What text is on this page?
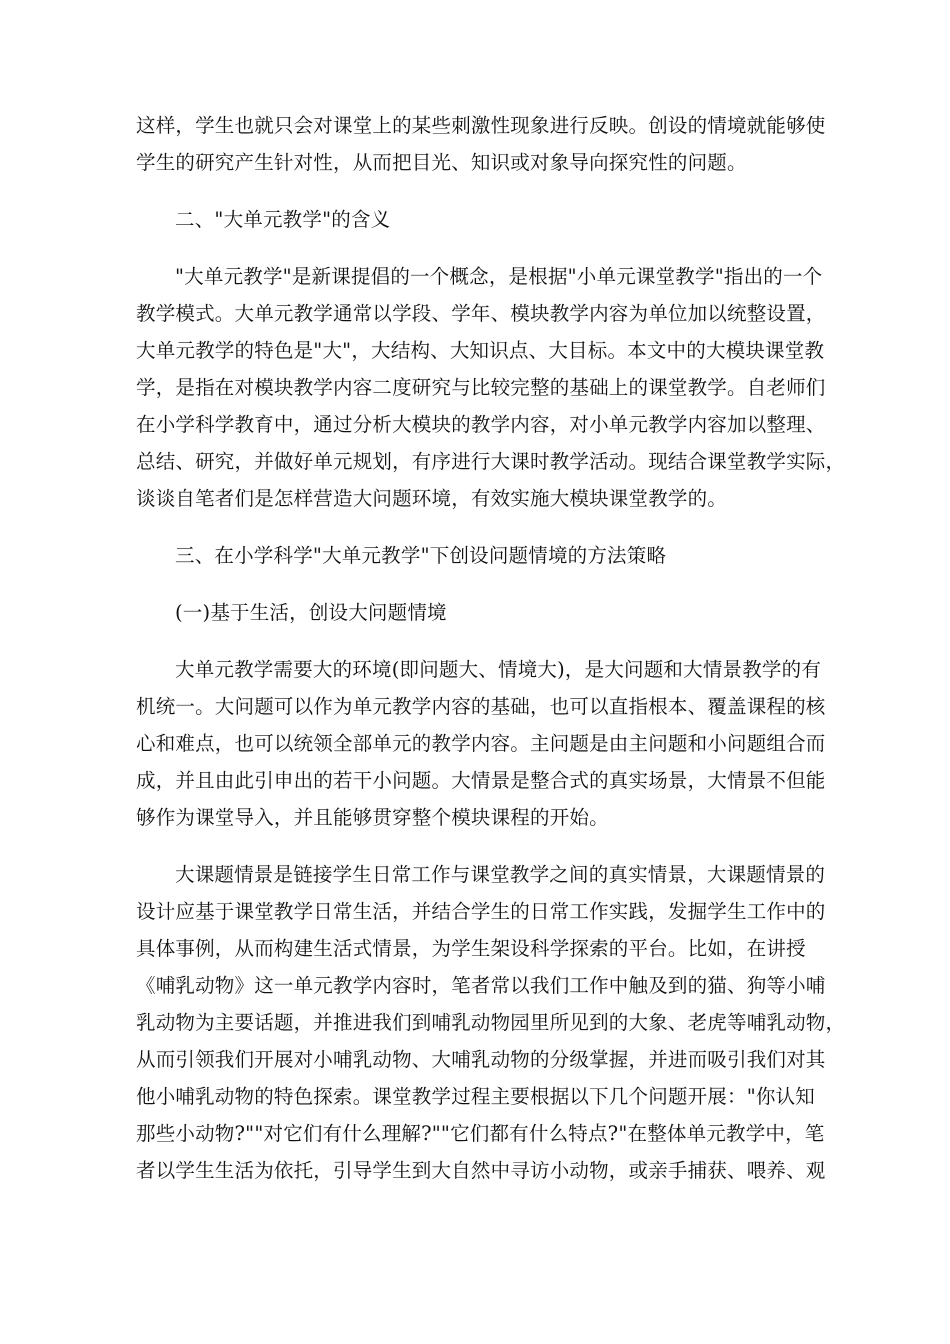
这样，学生也就只会对课堂上的某些刺激性现象进行反映。创设的情境就能够使
学生的研究产生针对性，从而把目光、知识或对象导向探究性的问题。
二、"大单元教学"的含义
"大单元教学"是新课提倡的一个概念，是根据"小单元课堂教学"指出的一个
教学模式。大单元教学通常以学段、学年、模块教学内容为单位加以统整设置，
大单元教学的特色是"大"，大结构、大知识点、大目标。本文中的大模块课堂教
学，是指在对模块教学内容二度研究与比较完整的基础上的课堂教学。自老师们
在小学科学教育中，通过分析大模块的教学内容，对小单元教学内容加以整理、
总结、研究，并做好单元规划，有序进行大课时教学活动。现结合课堂教学实际，
谈谈自笔者们是怎样营造大问题环境，有效实施大模块课堂教学的。
三、在小学科学"大单元教学"下创设问题情境的方法策略
(一)基于生活，创设大问题情境
大单元教学需要大的环境(即问题大、情境大)，是大问题和大情景教学的有
机统一。大问题可以作为单元教学内容的基础，也可以直指根本、覆盖课程的核
心和难点，也可以统领全部单元的教学内容。主问题是由主问题和小问题组合而
成，并且由此引申出的若干小问题。大情景是整合式的真实场景，大情景不但能
够作为课堂导入，并且能够贯穿整个模块课程的开始。
大课题情景是链接学生日常工作与课堂教学之间的真实情景，大课题情景的
设计应基于课堂教学日常生活，并结合学生的日常工作实践，发掘学生工作中的
具体事例，从而构建生活式情景，为学生架设科学探索的平台。比如，在讲授
《哺乳动物》这一单元教学内容时，笔者常以我们工作中触及到的猫、狗等小哺
乳动物为主要话题，并推进我们到哺乳动物园里所见到的大象、老虎等哺乳动物，
从而引领我们开展对小哺乳动物、大哺乳动物的分级掌握，并进而吸引我们对其
他小哺乳动物的特色探索。课堂教学过程主要根据以下几个问题开展："你认知
那些小动物?""对它们有什么理解?""它们都有什么特点?"在整体单元教学中，笔
者以学生生活为依托，引导学生到大自然中寻访小动物，或亲手捕获、喂养、观
